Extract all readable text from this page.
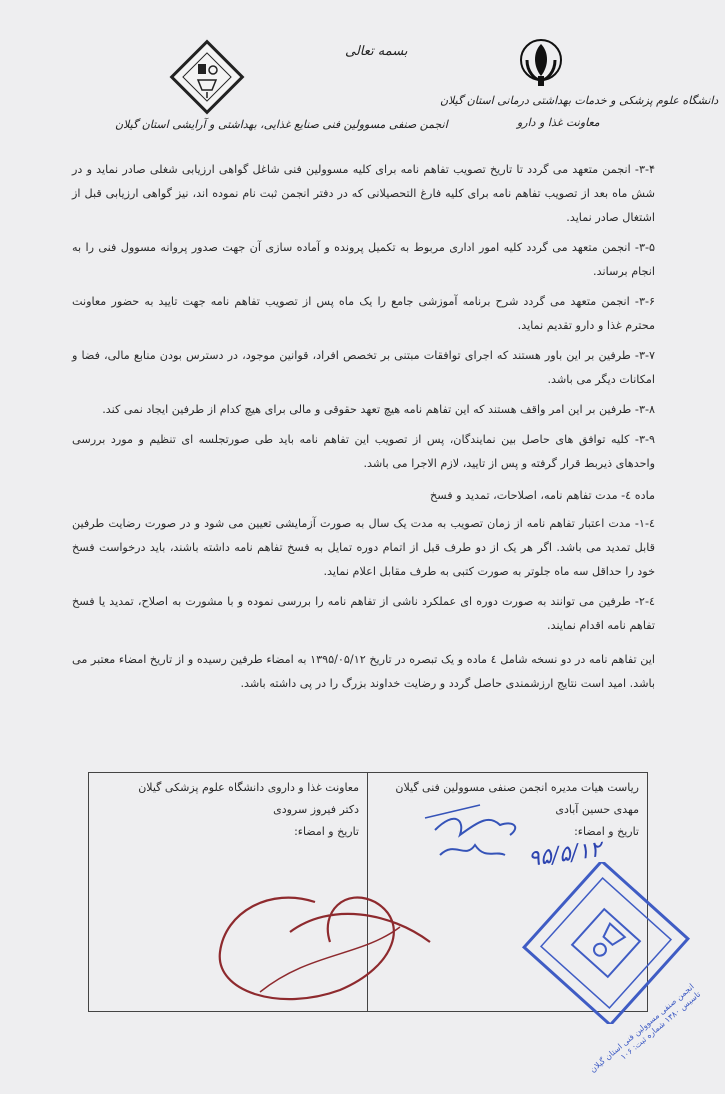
انجمن صنفی مسوولین فنی صنایع غذایی، بهداشتی و آرایشی استان گیلان
بسمه تعالی
دانشگاه علوم پزشکی و خدمات بهداشتی درمانی استان گیلان
معاونت غذا و دارو

۳-۴- انجمن متعهد می گردد تا تاریخ تصویب تفاهم نامه برای کلیه مسوولین فنی شاغل گواهی ارزیابی شغلی صادر نماید و در شش ماه بعد از تصویب تفاهم نامه برای کلیه فارغ التحصیلانی که در دفتر انجمن ثبت نام نموده اند، نیز گواهی ارزیابی قبل از اشتغال صادر نماید.

۳-۵- انجمن متعهد می گردد کلیه امور اداری مربوط به تکمیل پرونده و آماده سازی آن جهت صدور پروانه مسوول فنی را به انجام برساند.

۳-۶- انجمن متعهد می گردد شرح برنامه آموزشی جامع را یک ماه پس از تصویب تفاهم نامه جهت تایید به حضور معاونت محترم غذا و دارو تقدیم نماید.

۳-۷- طرفین بر این باور هستند که اجرای توافقات مبتنی بر تخصص افراد، قوانین موجود، در دسترس بودن منابع مالی، فضا و امکانات دیگر می باشد.

۳-۸- طرفین بر این امر واقف هستند که این تفاهم نامه هیچ تعهد حقوقی و مالی برای هیچ کدام از طرفین ایجاد نمی کند.

۳-۹- کلیه توافق های حاصل بین نمایندگان، پس از تصویب این تفاهم نامه باید طی صورتجلسه ای تنظیم و مورد بررسی واحدهای ذیربط قرار گرفته و پس از تایید، لازم الاجرا می باشد.

ماده ٤- مدت تفاهم نامه، اصلاحات، تمدید و فسخ

٤-۱- مدت اعتبار تفاهم نامه از زمان تصویب به مدت یک سال به صورت آزمایشی تعیین می شود و در صورت رضایت طرفین قابل تمدید می باشد. اگر هر یک از دو طرف قبل از اتمام دوره تمایل به فسخ تفاهم نامه داشته باشند، باید درخواست فسخ خود را حداقل سه ماه جلوتر به صورت کتبی به طرف مقابل اعلام نماید.

٤-۲- طرفین می توانند به صورت دوره ای عملکرد ناشی از تفاهم نامه را بررسی نموده و با مشورت به اصلاح، تمدید یا فسخ تفاهم نامه اقدام نمایند.

این تفاهم نامه در دو نسخه شامل ٤ ماده و یک تبصره در تاریخ ۱۳۹۵/۰۵/۱۲ به امضاء طرفین رسیده و از تاریخ امضاء معتبر می باشد. امید است نتایج ارزشمندی حاصل گردد و رضایت خداوند بزرگ را در پی داشته باشد.

ریاست هیات مدیره انجمن صنفی مسوولین فنی گیلان
مهدی حسین آبادی
تاریخ و امضاء:
معاونت غذا و داروی دانشگاه علوم پزشکی گیلان
دکتر فیروز سرودی
تاریخ و امضاء:
۹۵/۵/۱۲
انجمن صنفی مسوولین فنی استان گیلان تاسیس ۱۳۸۰ شماره ثبت: ۱۰۶
